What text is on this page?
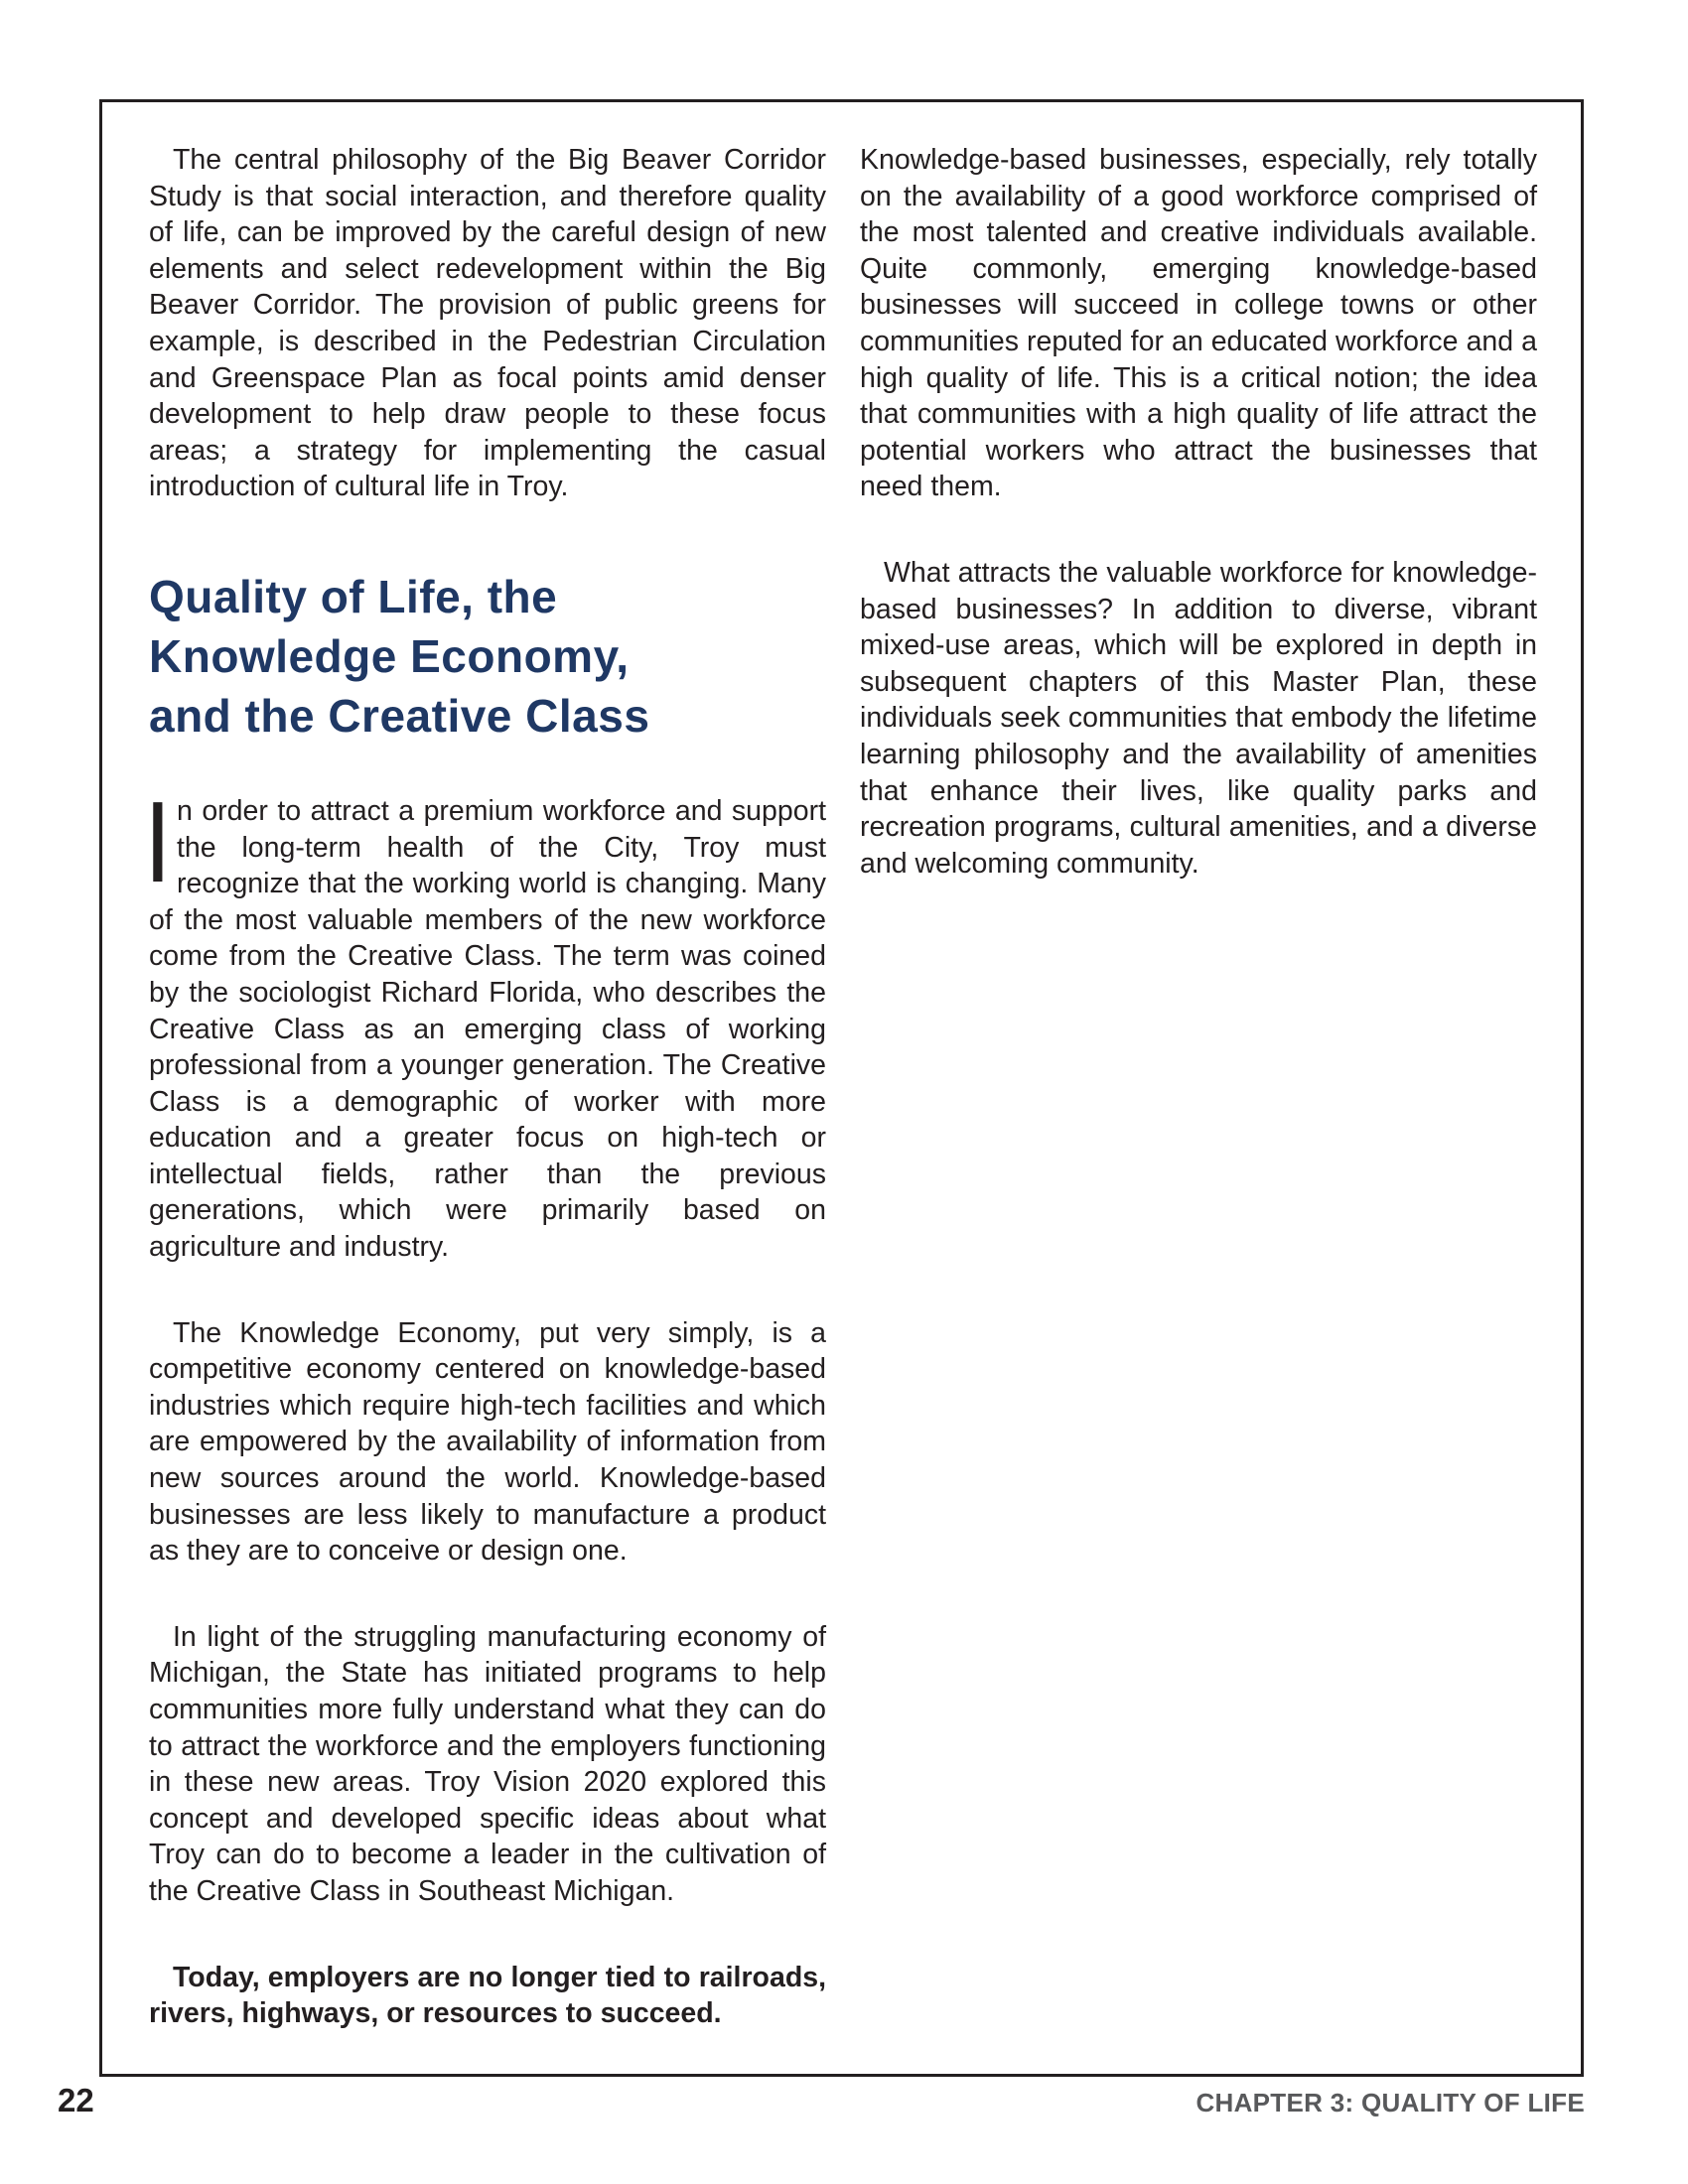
The central philosophy of the Big Beaver Corridor Study is that social interaction, and therefore quality of life, can be improved by the careful design of new elements and select redevelopment within the Big Beaver Corridor. The provision of public greens for example, is described in the Pedestrian Circulation and Greenspace Plan as focal points amid denser development to help draw people to these focus areas; a strategy for implementing the casual introduction of cultural life in Troy.

Quality of Life, the
Knowledge Economy,
and the Creative Class

I n order to attract a premium workforce and support the long-term health of the City, Troy must recognize that the working world is changing. Many of the most valuable members of the new workforce come from the Creative Class. The term was coined by the sociologist Richard Florida, who describes the Creative Class as an emerging class of working professional from a younger generation. The Creative Class is a demographic of worker with more education and a greater focus on high-tech or intellectual fields, rather than the previous generations, which were primarily based on agriculture and industry.

The Knowledge Economy, put very simply, is a competitive economy centered on knowledge-based industries which require high-tech facilities and which are empowered by the availability of information from new sources around the world. Knowledge-based businesses are less likely to manufacture a product as they are to conceive or design one.

In light of the struggling manufacturing economy of Michigan, the State has initiated programs to help communities more fully understand what they can do to attract the workforce and the employers functioning in these new areas. Troy Vision 2020 explored this concept and developed specific ideas about what Troy can do to become a leader in the cultivation of the Creative Class in Southeast Michigan.

Today, employers are no longer tied to railroads, rivers, highways, or resources to succeed.

Knowledge-based businesses, especially, rely totally on the availability of a good workforce comprised of the most talented and creative individuals available. Quite commonly, emerging knowledge-based businesses will succeed in college towns or other communities reputed for an educated workforce and a high quality of life. This is a critical notion; the idea that communities with a high quality of life attract the potential workers who attract the businesses that need them.

What attracts the valuable workforce for knowledge-based businesses? In addition to diverse, vibrant mixed-use areas, which will be explored in depth in subsequent chapters of this Master Plan, these individuals seek communities that embody the lifetime learning philosophy and the availability of amenities that enhance their lives, like quality parks and recreation programs, cultural amenities, and a diverse and welcoming community.

22	CHAPTER 3: QUALITY OF LIFE
